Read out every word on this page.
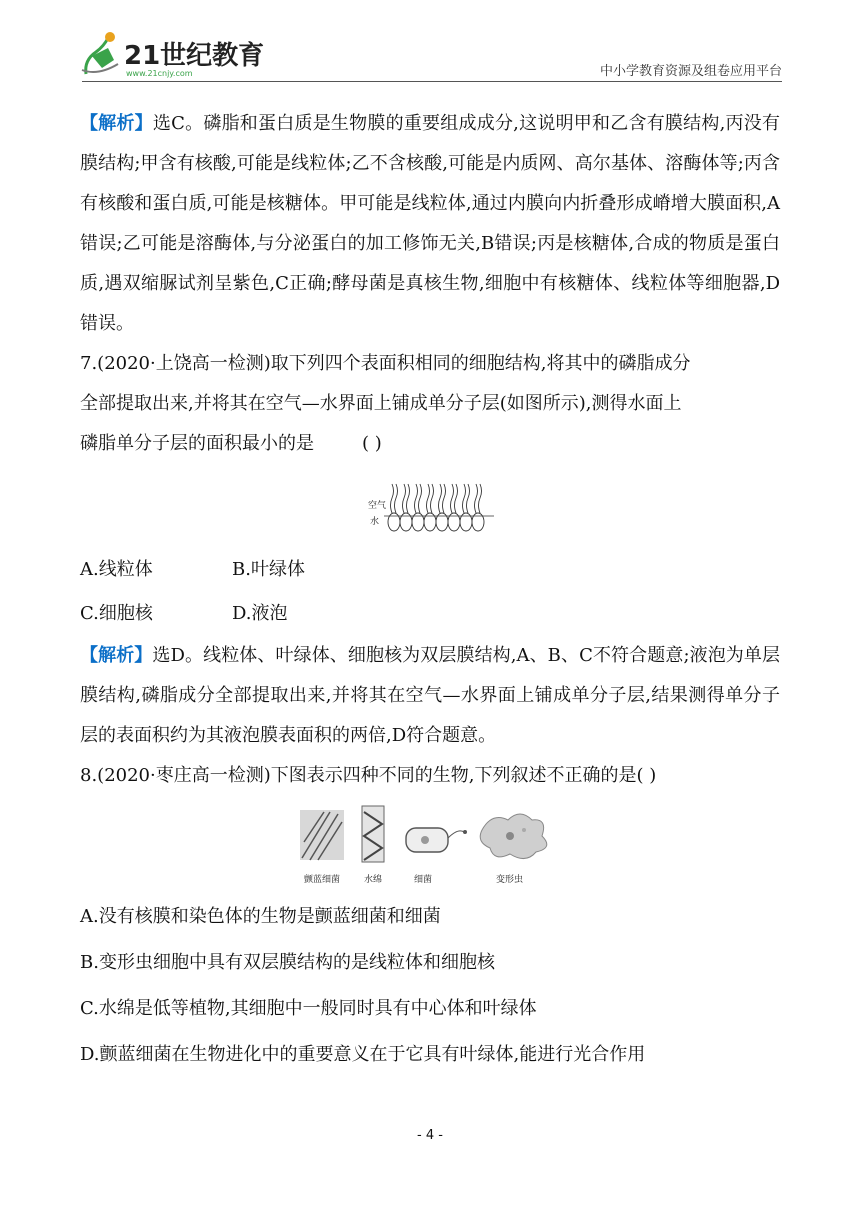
21世纪教育
www.21cnjy.com	中小学教育资源及组卷应用平台

【解析】选C。磷脂和蛋白质是生物膜的重要组成成分,这说明甲和乙含有膜结构,丙没有膜结构;甲含有核酸,可能是线粒体;乙不含核酸,可能是内质网、高尔基体、溶酶体等;丙含有核酸和蛋白质,可能是核糖体。甲可能是线粒体,通过内膜向内折叠形成嵴增大膜面积,A错误;乙可能是溶酶体,与分泌蛋白的加工修饰无关,B错误;丙是核糖体,合成的物质是蛋白质,遇双缩脲试剂呈紫色,C正确;酵母菌是真核生物,细胞中有核糖体、线粒体等细胞器,D错误。

7.(2020·上饶高一检测)取下列四个表面积相同的细胞结构,将其中的磷脂成分

全部提取出来,并将其在空气—水界面上铺成单分子层(如图所示),测得水面上

磷脂单分子层的面积最小的是	( )

空气
水
A.线粒体	B.叶绿体
C.细胞核	D.液泡

【解析】选D。线粒体、叶绿体、细胞核为双层膜结构,A、B、C不符合题意;液泡为单层膜结构,磷脂成分全部提取出来,并将其在空气—水界面上铺成单分子层,结果测得单分子层的表面积约为其液泡膜表面积的两倍,D符合题意。

8.(2020·枣庄高一检测)下图表示四种不同的生物,下列叙述不正确的是( )

颤蓝细菌	水绵	细菌	变形虫

A.没有核膜和染色体的生物是颤蓝细菌和细菌

B.变形虫细胞中具有双层膜结构的是线粒体和细胞核

C.水绵是低等植物,其细胞中一般同时具有中心体和叶绿体

D.颤蓝细菌在生物进化中的重要意义在于它具有叶绿体,能进行光合作用

- 4 -
